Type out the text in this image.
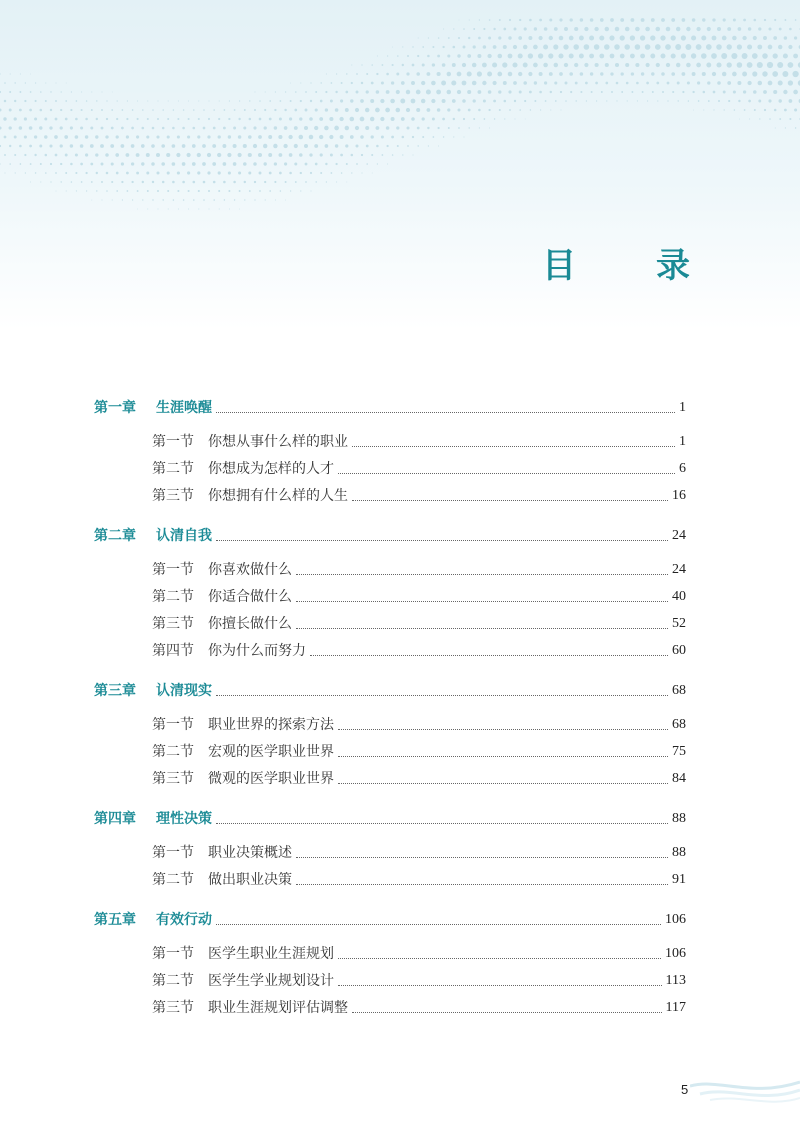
目 录
第一章 生涯唤醒	1
第一节 你想从事什么样的职业	1
第二节 你想成为怎样的人才	6
第三节 你想拥有什么样的人生	16
第二章 认清自我	24
第一节 你喜欢做什么	24
第二节 你适合做什么	40
第三节 你擅长做什么	52
第四节 你为什么而努力	60
第三章 认清现实	68
第一节 职业世界的探索方法	68
第二节 宏观的医学职业世界	75
第三节 微观的医学职业世界	84
第四章 理性决策	88
第一节 职业决策概述	88
第二节 做出职业决策	91
第五章 有效行动	106
第一节 医学生职业生涯规划	106
第二节 医学生学业规划设计	113
第三节 职业生涯规划评估调整	117
5
